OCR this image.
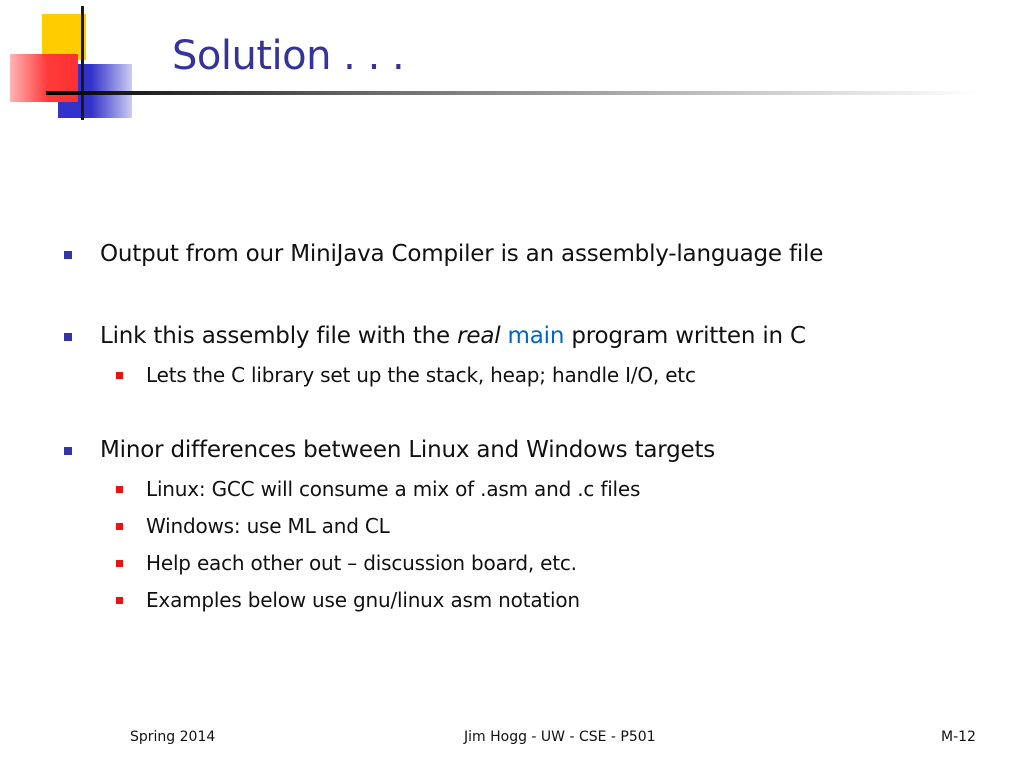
Solution . . .
Output from our MiniJava Compiler is an assembly-language file
Link this assembly file with the real main program written in C
Lets the C library set up the stack, heap; handle I/O, etc
Minor differences between Linux and Windows targets
Linux: GCC will consume a mix of .asm and .c files
Windows: use ML and CL
Help each other out – discussion board, etc.
Examples below use gnu/linux asm notation
Spring 2014	Jim Hogg - UW - CSE - P501	M-12
